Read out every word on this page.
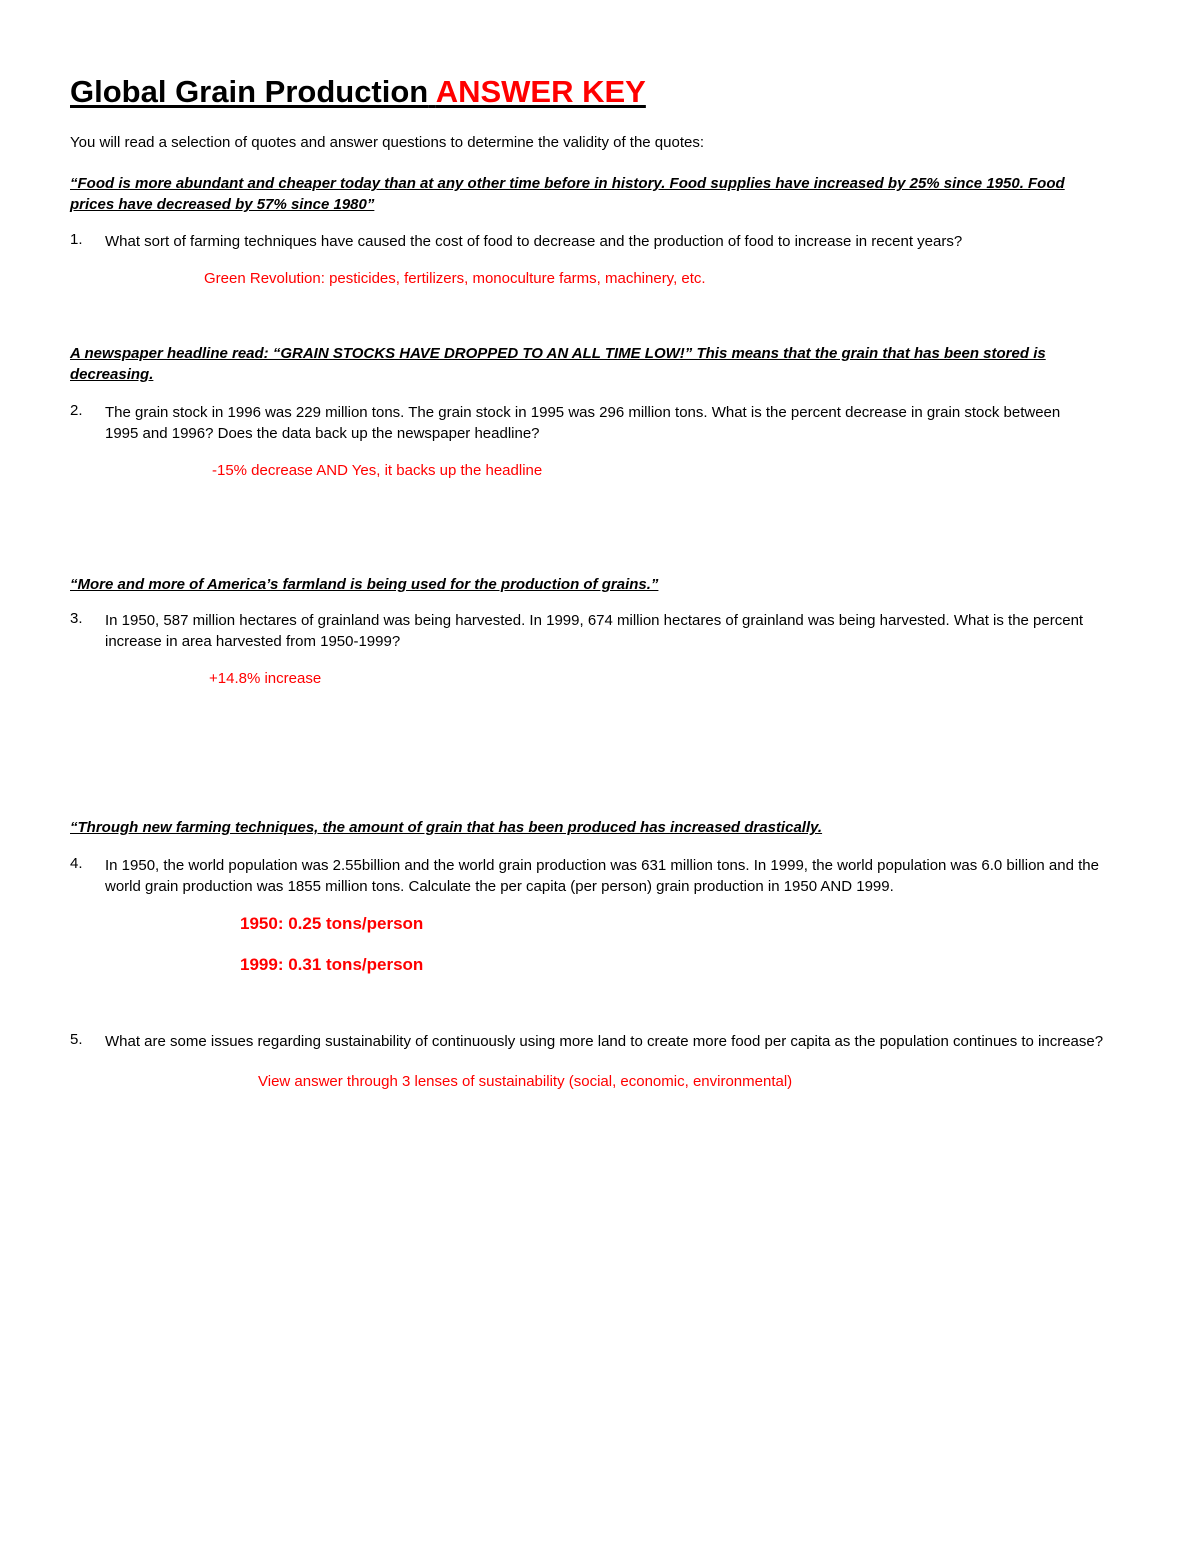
Global Grain Production ANSWER KEY
You will read a selection of quotes and answer questions to determine the validity of the quotes:
“Food is more abundant and cheaper today than at any other time before in history. Food supplies have increased by 25% since 1950. Food prices have decreased by 57% since 1980”
1. What sort of farming techniques have caused the cost of food to decrease and the production of food to increase in recent years?
Green Revolution: pesticides, fertilizers, monoculture farms, machinery, etc.
A newspaper headline read: “GRAIN STOCKS HAVE DROPPED TO AN ALL TIME LOW!” This means that the grain that has been stored is decreasing.
2. The grain stock in 1996 was 229 million tons. The grain stock in 1995 was 296 million tons. What is the percent decrease in grain stock between 1995 and 1996? Does the data back up the newspaper headline?
-15% decrease AND Yes, it backs up the headline
“More and more of America’s farmland is being used for the production of grains.”
3. In 1950, 587 million hectares of grainland was being harvested. In 1999, 674 million hectares of grainland was being harvested. What is the percent increase in area harvested from 1950-1999?
+14.8% increase
“Through new farming techniques, the amount of grain that has been produced has increased drastically.
4. In 1950, the world population was 2.55billion and the world grain production was 631 million tons. In 1999, the world population was 6.0 billion and the world grain production was 1855 million tons. Calculate the per capita (per person) grain production in 1950 AND 1999.
1950: 0.25 tons/person
1999: 0.31 tons/person
5. What are some issues regarding sustainability of continuously using more land to create more food per capita as the population continues to increase?
View answer through 3 lenses of sustainability (social, economic, environmental)
